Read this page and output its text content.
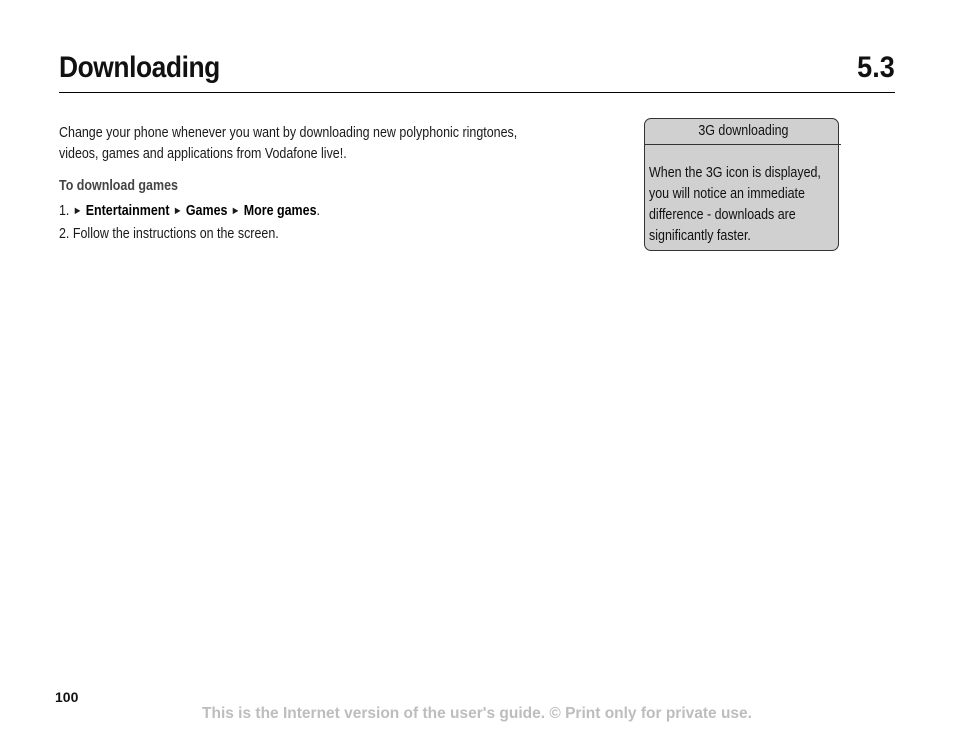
Downloading	5.3

Change your phone whenever you want by downloading new polyphonic ringtones,

videos, games and applications from Vodafone live!.

To download games
1. ► Entertainment ► Games ► More games.
2. Follow the instructions on the screen.
3G downloading
When the 3G icon is displayed,
you will notice an immediate
difference - downloads are
significantly faster.
100
This is the Internet version of the user's guide. © Print only for private use.
